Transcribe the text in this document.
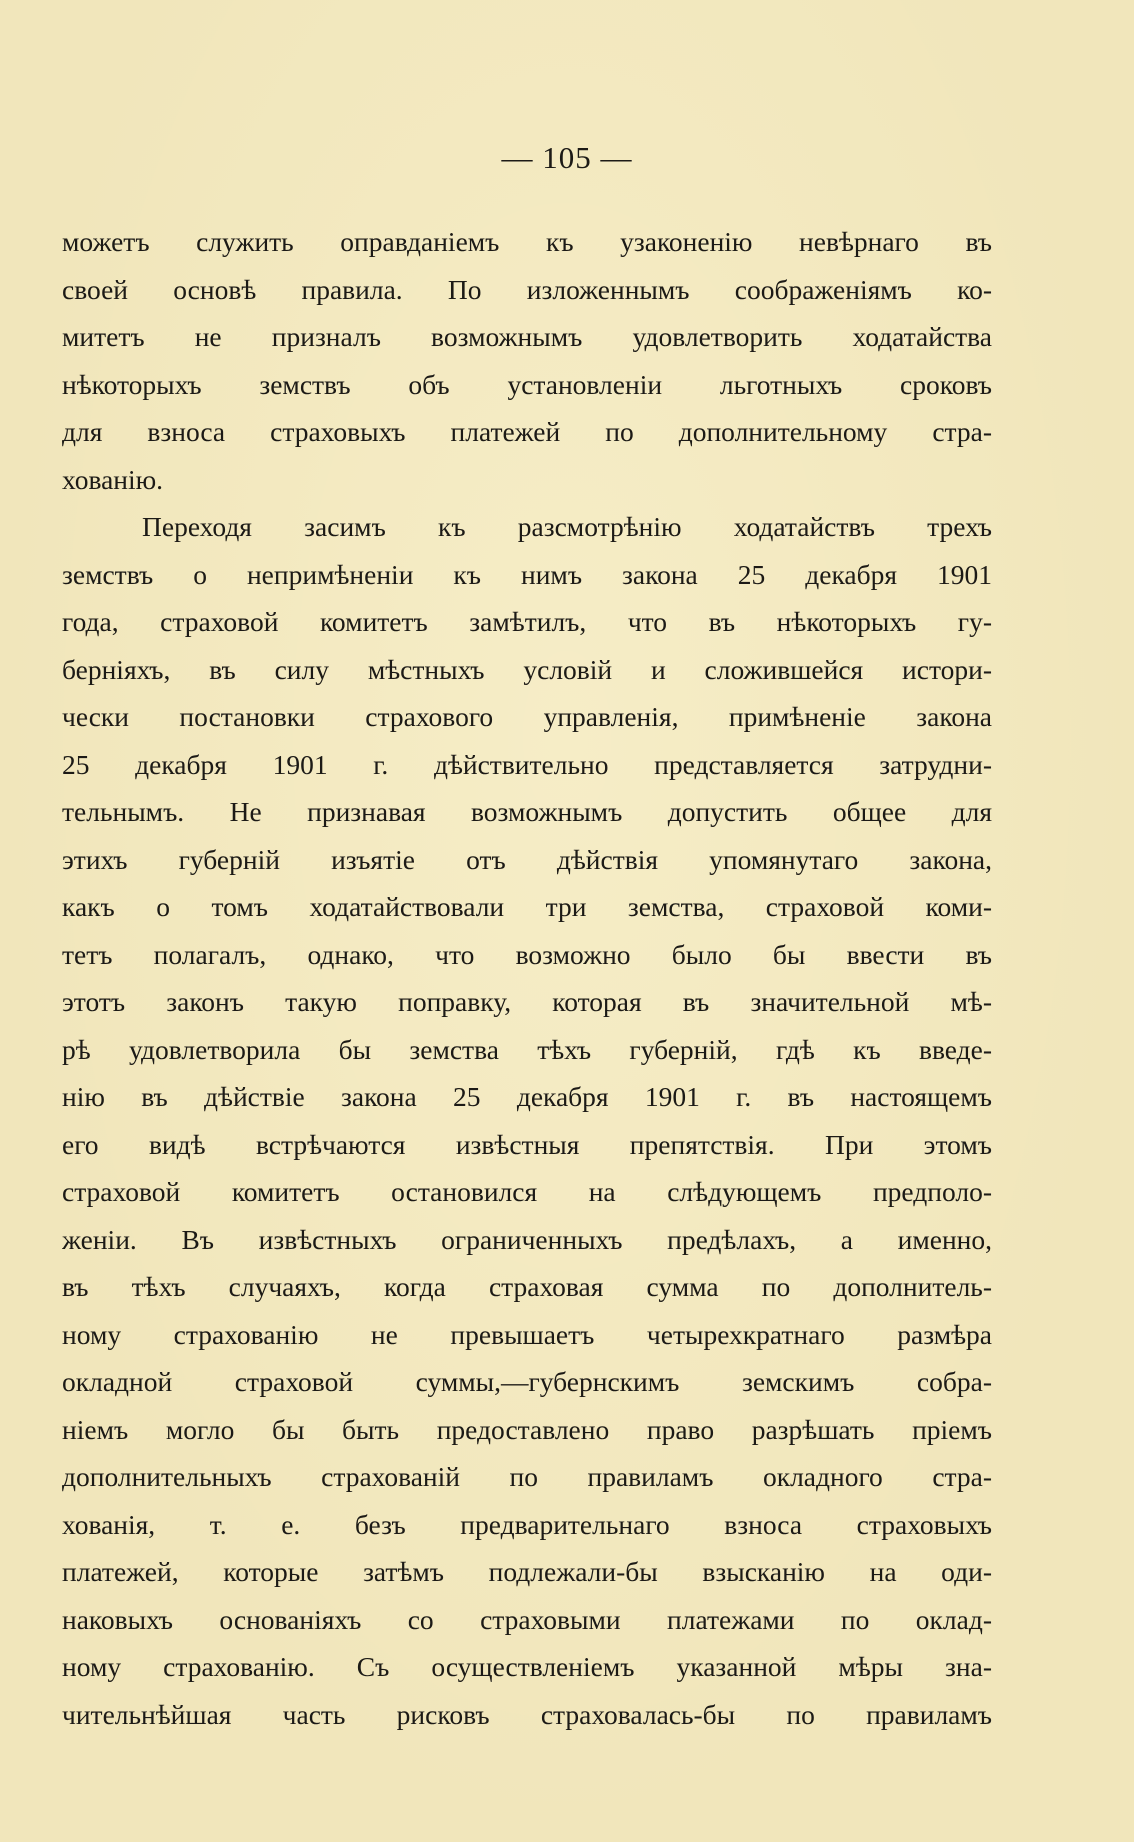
— 105 —
можетъ служить оправданіемъ къ узаконенію невѣрнаго въ
своей основѣ правила. По изложеннымъ соображеніямъ ко-
митетъ не призналъ возможнымъ удовлетворить ходатайства
нѣкоторыхъ земствъ объ установленіи льготныхъ сроковъ
для взноса страховыхъ платежей по дополнительному стра-
хованію.
Переходя засимъ къ разсмотрѣнію ходатайствъ трехъ
земствъ о непримѣненіи къ нимъ закона 25 декабря 1901
года, страховой комитетъ замѣтилъ, что въ нѣкоторыхъ гу-
берніяхъ, въ силу мѣстныхъ условій и сложившейся истори-
чески постановки страхового управленія, примѣненіе закона
25 декабря 1901 г. дѣйствительно представляется затрудни-
тельнымъ. Не признавая возможнымъ допустить общее для
этихъ губерній изъятіе отъ дѣйствія упомянутаго закона,
какъ о томъ ходатайствовали три земства, страховой коми-
тетъ полагалъ, однако, что возможно было бы ввести въ
этотъ законъ такую поправку, которая въ значительной мѣ-
рѣ удовлетворила бы земства тѣхъ губерній, гдѣ къ введе-
нію въ дѣйствіе закона 25 декабря 1901 г. въ настоящемъ
его видѣ встрѣчаются извѣстныя препятствія. При этомъ
страховой комитетъ остановился на слѣдующемъ предполо-
женіи. Въ извѣстныхъ ограниченныхъ предѣлахъ, а именно,
въ тѣхъ случаяхъ, когда страховая сумма по дополнитель-
ному страхованію не превышаетъ четырехкратнаго размѣра
окладной страховой суммы,—губернскимъ земскимъ собра-
ніемъ могло бы быть предоставлено право разрѣшать пріемъ
дополнительныхъ страхованій по правиламъ окладного стра-
хованія, т. е. безъ предварительнаго взноса страховыхъ
платежей, которые затѣмъ подлежали-бы взысканію на оди-
наковыхъ основаніяхъ со страховыми платежами по оклад-
ному страхованію. Съ осуществленіемъ указанной мѣры зна-
чительнѣйшая часть рисковъ страховалась-бы по правиламъ
